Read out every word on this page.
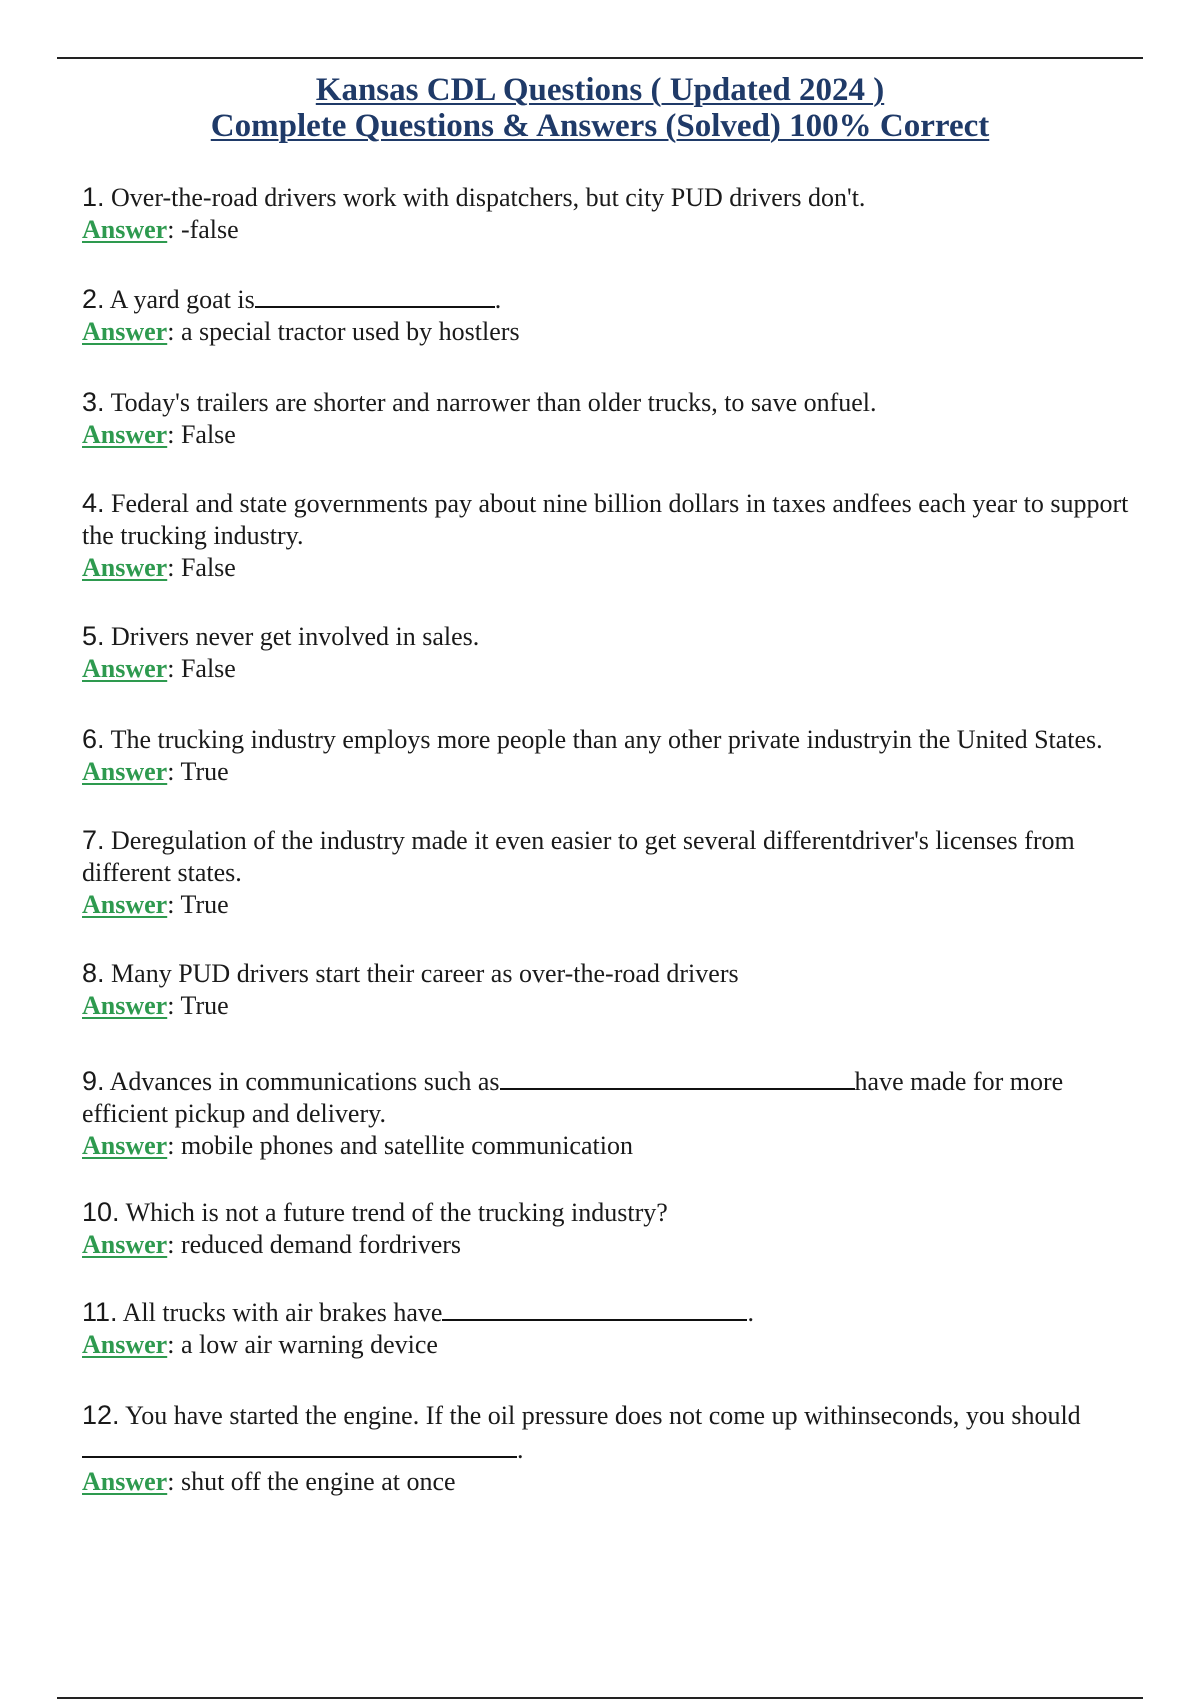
Kansas CDL Questions ( Updated 2024 )
Complete Questions & Answers (Solved) 100% Correct
1. Over-the-road drivers work with dispatchers, but city PUD drivers don't.
Answer: -false
2. A yard goat is	.
Answer: a special tractor used by hostlers
3. Today's trailers are shorter and narrower than older trucks, to save onfuel.
Answer: False
4. Federal and state governments pay about nine billion dollars in taxes andfees each year to support the trucking industry.
Answer: False
5. Drivers never get involved in sales.
Answer: False
6. The trucking industry employs more people than any other private industryin the United States.
Answer: True
7. Deregulation of the industry made it even easier to get several differentdriver's licenses from different states.
Answer: True
8. Many PUD drivers start their career as over-the-road drivers
Answer: True
9. Advances in communications such as	have made for more efficient pickup and delivery.
Answer: mobile phones and satellite communication
10. Which is not a future trend of the trucking industry?
Answer: reduced demand fordrivers
11. All trucks with air brakes have	.
Answer: a low air warning device
12. You have started the engine. If the oil pressure does not come up withinseconds, you should.
Answer: shut off the engine at once
